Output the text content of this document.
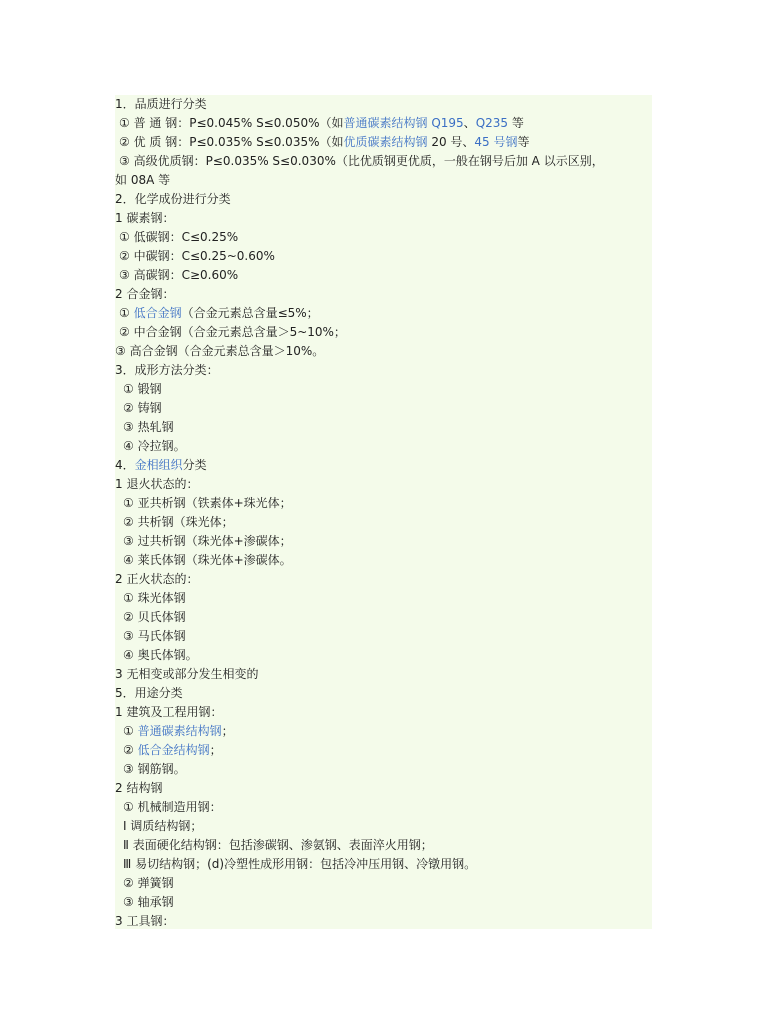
1．品质进行分类
① 普 通 钢：P≤0.045% S≤0.050%（如普通碳素结构钢 Q195、Q235 等
② 优 质 钢：P≤0.035% S≤0.035%（如优质碳素结构钢 20 号、45 号钢等
③ 高级优质钢：P≤0.035% S≤0.030%（比优质钢更优质，一般在钢号后加 A 以示区别，
如 08A 等
2．化学成份进行分类
1 碳素钢：
① 低碳钢：C≤0.25%
② 中碳钢：C≤0.25~0.60%
③ 高碳钢：C≥0.60%
2 合金钢：
① 低合金钢（合金元素总含量≤5%；
② 中合金钢（合金元素总含量＞5~10%；
③ 高合金钢（合金元素总含量＞10%。
3．成形方法分类：
① 锻钢
② 铸钢
③ 热轧钢
④ 冷拉钢。
4．金相组织分类
1 退火状态的：
① 亚共析钢（铁素体+珠光体；
② 共析钢（珠光体；
③ 过共析钢（珠光体+渗碳体；
④ 莱氏体钢（珠光体+渗碳体。
2 正火状态的：
① 珠光体钢
② 贝氏体钢
③ 马氏体钢
④ 奥氏体钢。
3 无相变或部分发生相变的
5．用途分类
1 建筑及工程用钢：
① 普通碳素结构钢；
② 低合金结构钢；
③ 钢筋钢。
2 结构钢
① 机械制造用钢：
Ⅰ 调质结构钢；
Ⅱ 表面硬化结构钢：包括渗碳钢、渗氨钢、表面淬火用钢；
Ⅲ 易切结构钢；(d)冷塑性成形用钢：包括冷冲压用钢、冷镦用钢。
② 弹簧钢
③ 轴承钢
3 工具钢：
